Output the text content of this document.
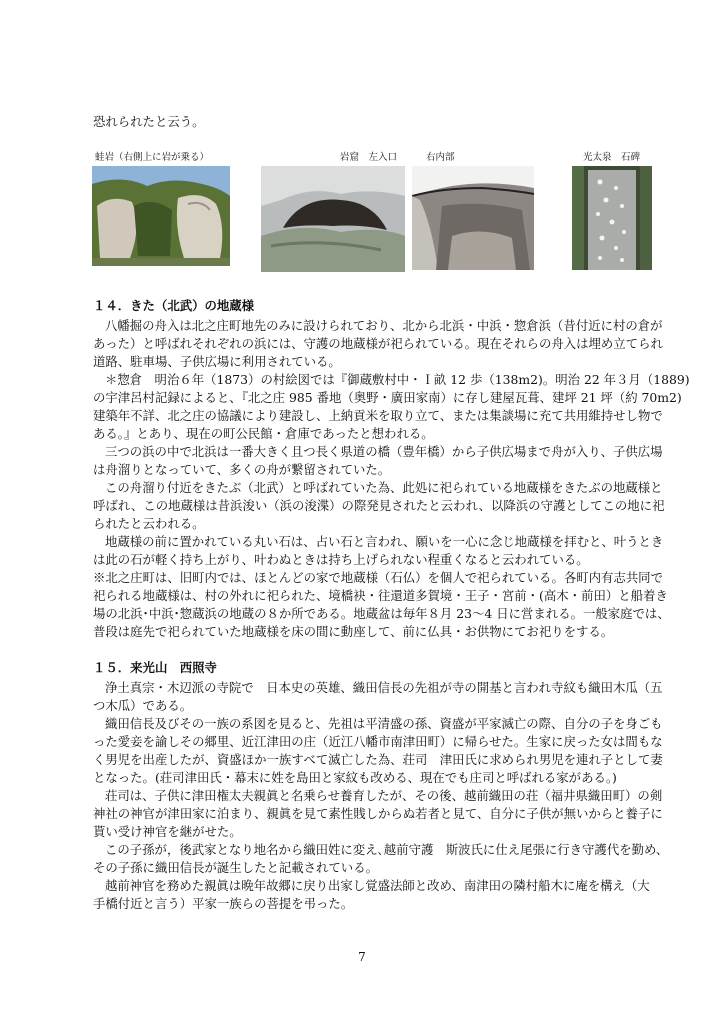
恐れられたと云う。
蛙岩（右側上に岩が乗る）	岩窟　左入口	右内部	光太泉　石碑
１４．きた（北武）の地蔵様
八幡掘の舟入は北之庄町地先のみに設けられており、北から北浜・中浜・惣倉浜（昔付近に村の倉が
あった）と呼ばれそれぞれの浜には、守護の地蔵様が祀られている。現在それらの舟入は埋め立てられ
道路、駐車場、子供広場に利用されている。
＊惣倉　明治６年（1873）の村絵図では『御蔵敷村中・Ｉ畝 12 歩（138m2)。明治 22 年３月（1889)
の宇津呂村記録によると、『北之庄 985 番地（奥野・廣田家南）に存し建屋瓦葺、建坪 21 坪（約 70m2)
建築年不詳、北之庄の協議により建設し、上納貢米を取り立て、または集談場に充て共用維持せし物で
ある。』とあり、現在の町公民館・倉庫であったと想われる。
三つの浜の中で北浜は一番大きく且つ長く県道の橋（豊年橋）から子供広場まで舟が入り、子供広場
は舟溜りとなっていて、多くの舟が繋留されていた。
この舟溜り付近をきたぶ（北武）と呼ばれていた為、此処に祀られている地蔵様をきたぶの地蔵様と
呼ばれ、この地蔵様は昔浜浚い（浜の浚渫）の際発見されたと云われ、以降浜の守護としてこの地に祀
られたと云われる。
地蔵様の前に置かれている丸い石は、占い石と言われ、願いを一心に念じ地蔵様を拝むと、叶うとき
は此の石が軽く持ち上がり、叶わぬときは持ち上げられない程重くなると云われている。
※北之庄町は、旧町内では、ほとんどの家で地蔵様（石仏）を個人で祀られている。各町内有志共同で
祀られる地蔵様は、村の外れに祀られた、境橋袂・往還道多賀境・王子・宮前・(高木・前田）と船着き
場の北浜･中浜･惣蔵浜の地蔵の８か所である。地蔵盆は毎年８月 23〜4 日に営まれる。一般家庭では、
普段は庭先で祀られていた地蔵様を床の間に動座して、前に仏具・お供物にてお祀りをする。
１５．来光山　西照寺
浄土真宗・木辺派の寺院で　日本史の英雄、織田信長の先祖が寺の開基と言われ寺紋も織田木瓜（五
つ木瓜）である。
織田信長及びその一族の系図を見ると、先祖は平清盛の孫、資盛が平家滅亡の際、自分の子を身ごも
った愛妾を諭しその郷里、近江津田の庄（近江八幡市南津田町）に帰らせた。生家に戻った女は間もな
く男児を出産したが、資盛ほか一族すべて滅亡した為、荘司　津田氏に求められ男児を連れ子として妻
となった。(荘司津田氏・幕末に姓を島田と家紋も改める、現在でも庄司と呼ばれる家がある。)
荘司は、子供に津田権太夫親眞と名乗らせ養育したが、その後、越前織田の荘（福井県織田町）の剣
神社の神官が津田家に泊まり、親眞を見て素性賎しからぬ若者と見て、自分に子供が無いからと養子に
貰い受け神官を継がせた。
この子孫が，後武家となり地名から織田姓に変え､越前守護　斯波氏に仕え尾張に行き守護代を勤め、
その子孫に織田信長が誕生したと記載されている。
越前神官を務めた親眞は晩年故郷に戻り出家し覚盛法師と改め、南津田の隣村船木に庵を構え（大
手橋付近と言う）平家一族らの菩提を弔った。
7
